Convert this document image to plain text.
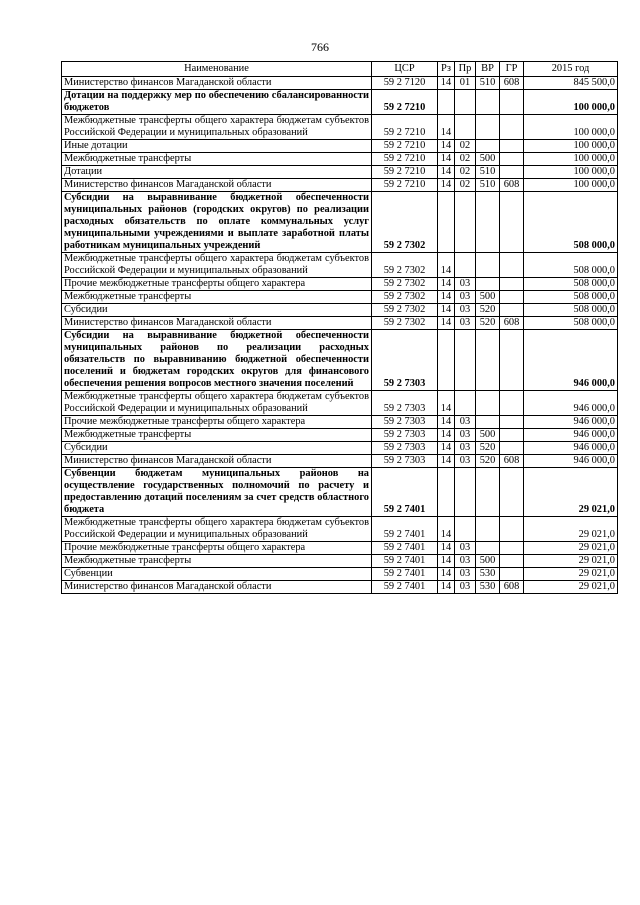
766
Наименование	ЦСР	Рз	Пр	ВР	ГР	2015 год
Министерство финансов Магаданской области	59 2 7120	14	01	510	608	845 500,0
Дотации на поддержку мер по обеспечению сбалансированности бюджетов	59 2 7210					100 000,0
Межбюджетные трансферты общего характера бюджетам субъектов Российской Федерации и муниципальных образований	59 2 7210	14				100 000,0
Иные дотации	59 2 7210	14	02			100 000,0
Межбюджетные трансферты	59 2 7210	14	02	500		100 000,0
Дотации	59 2 7210	14	02	510		100 000,0
Министерство финансов Магаданской области	59 2 7210	14	02	510	608	100 000,0
Субсидии на выравнивание бюджетной обеспеченности муниципальных районов (городских округов) по реализации расходных обязательств по оплате коммунальных услуг муниципальными учреждениями и выплате заработной платы работникам муниципальных учреждений	59 2 7302					508 000,0
Межбюджетные трансферты общего характера бюджетам субъектов Российской Федерации и муниципальных образований	59 2 7302	14				508 000,0
Прочие межбюджетные трансферты общего характера	59 2 7302	14	03			508 000,0
Межбюджетные трансферты	59 2 7302	14	03	500		508 000,0
Субсидии	59 2 7302	14	03	520		508 000,0
Министерство финансов Магаданской области	59 2 7302	14	03	520	608	508 000,0
Субсидии на выравнивание бюджетной обеспеченности муниципальных районов по реализации расходных обязательств по выравниванию бюджетной обеспеченности поселений и бюджетам городских округов для финансового обеспечения решения вопросов местного значения поселений	59 2 7303					946 000,0
Межбюджетные трансферты общего характера бюджетам субъектов Российской Федерации и муниципальных образований	59 2 7303	14				946 000,0
Прочие межбюджетные трансферты общего характера	59 2 7303	14	03			946 000,0
Межбюджетные трансферты	59 2 7303	14	03	500		946 000,0
Субсидии	59 2 7303	14	03	520		946 000,0
Министерство финансов Магаданской области	59 2 7303	14	03	520	608	946 000,0
Субвенции бюджетам муниципальных районов на осуществление государственных полномочий по расчету и предоставлению дотаций поселениям за счет средств областного бюджета	59 2 7401					29 021,0
Межбюджетные трансферты общего характера бюджетам субъектов Российской Федерации и муниципальных образований	59 2 7401	14				29 021,0
Прочие межбюджетные трансферты общего характера	59 2 7401	14	03			29 021,0
Межбюджетные трансферты	59 2 7401	14	03	500		29 021,0
Субвенции	59 2 7401	14	03	530		29 021,0
Министерство финансов Магаданской области	59 2 7401	14	03	530	608	29 021,0
